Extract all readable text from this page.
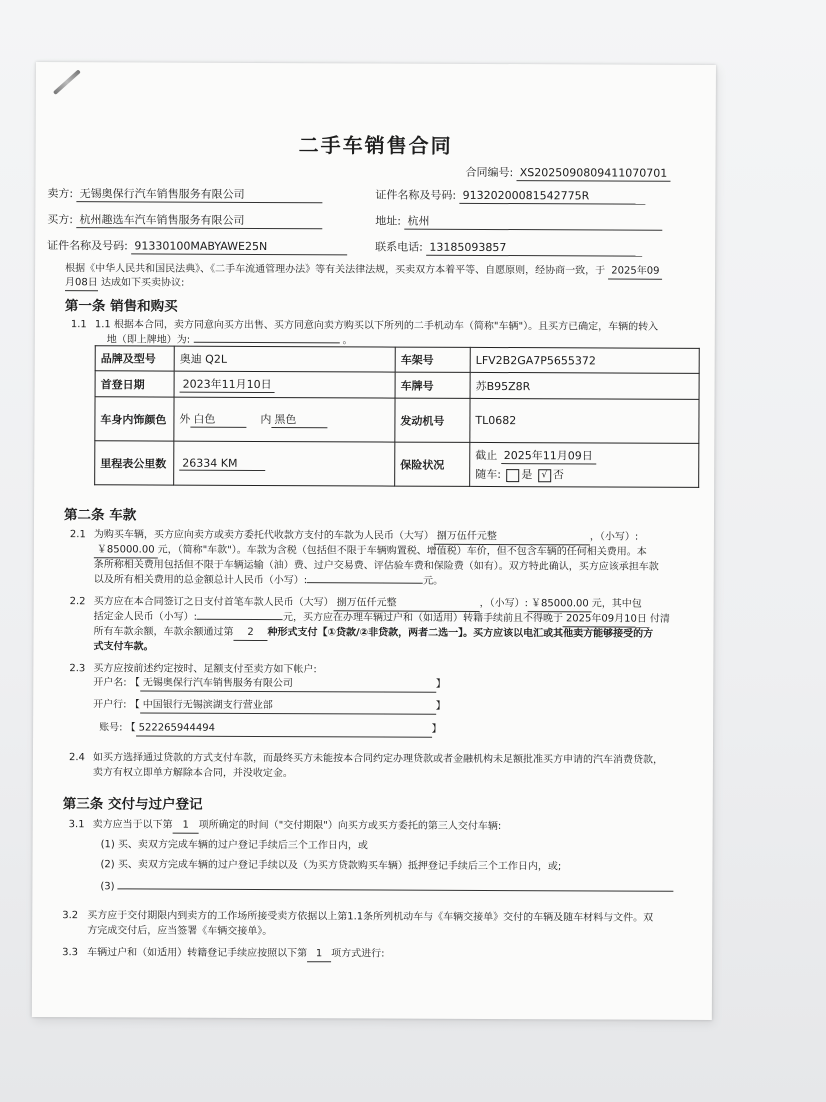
二手车销售合同
合同编号: XS2025090809411070701
卖方: 无锡奥保行汽车销售服务有限公司	证件名称及号码: 91320200081542775R
买方: 杭州趣选车汽车销售服务有限公司	地址: 杭州
证件名称及号码: 91330100MABYAWE25N	联系电话: 13185093857
根据《中华人民共和国民法典》、《二手车流通管理办法》等有关法律法规，买卖双方本着平等、自愿原则，经协商一致，于 2025年09
月08日 达成如下买卖协议:
第一条 销售和购买
1.1 1.1 根据本合同，卖方同意向买方出售、买方同意向卖方购买以下所列的二手机动车（简称"车辆"）。且买方已确定，车辆的转入
地（即上牌地）为:	。
品牌及型号	奥迪 Q2L	车架号	LFV2B2GA7P5655372
首登日期	2023年11月10日	车牌号	苏B95Z8R
车身内饰颜色	外 白色 内 黑色	发动机号	TL0682
里程表公里数	26334 KM	保险状况	截止 2025年11月09日
随车: 是 √ 否
第二条 车款
2.1 为购买车辆，买方应向卖方或卖方委托代收款方支付的车款为人民币（大写） 捌万伍仟元整	，（小写）:
￥85000.00 元，（简称"车款"）。车款为含税（包括但不限于车辆购置税、增值税）车价，但不包含车辆的任何相关费用。本
条所称相关费用包括但不限于车辆运输（油）费、过户交易费、评估验车费和保险费（如有）。双方特此确认，买方应该承担车款
以及所有相关费用的总金额总计人民币（小写）:	元。
2.2 买方应在本合同签订之日支付首笔车款人民币（大写） 捌万伍仟元整	，（小写）: ￥85000.00 元，其中包
括定金人民币（小写）:	元，买方应在办理车辆过户和（如适用）转籍手续前且不得晚于 2025年09月10日 付清
所有车款余额，车款余额通过第 2 种形式支付【①贷款/②非贷款，两者二选一】。买方应该以电汇或其他卖方能够接受的方
式支付车款。
2.3 买方应按前述约定按时、足额支付至卖方如下帐户:
开户名: 【 无锡奥保行汽车销售服务有限公司	】
开户行: 【 中国银行无锡滨湖支行营业部	】
账号: 【 522265944494	】
2.4 如买方选择通过贷款的方式支付车款，而最终买方未能按本合同约定办理贷款或者金融机构未足额批准买方申请的汽车消费贷款，
卖方有权立即单方解除本合同，并没收定金。
第三条 交付与过户登记
3.1 卖方应当于以下第 1 项所确定的时间（"交付期限"）向买方或买方委托的第三人交付车辆:
(1) 买、卖双方完成车辆的过户登记手续后三个工作日内，或
(2) 买、卖双方完成车辆的过户登记手续以及（为买方贷款购买车辆）抵押登记手续后三个工作日内，或;
(3)
3.2 买方应于交付期限内到卖方的工作场所接受卖方依据以上第1.1条所列机动车与《车辆交接单》交付的车辆及随车材料与文件。双
方完成交付后，应当签署《车辆交接单》。
3.3 车辆过户和（如适用）转籍登记手续应按照以下第 1 项方式进行:
